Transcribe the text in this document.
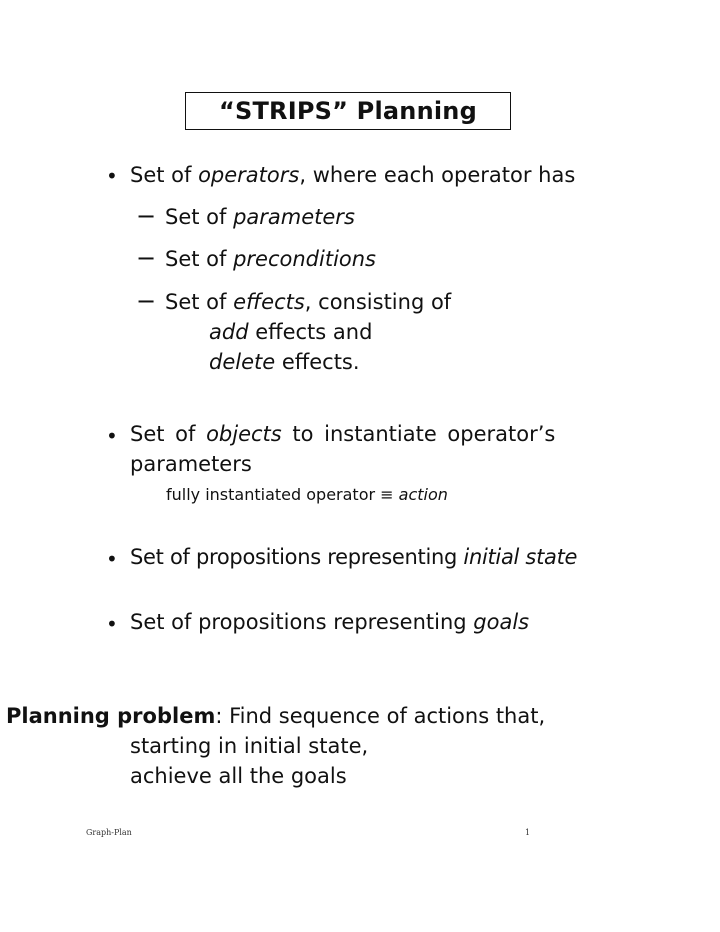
“STRIPS” Planning
• Set of operators, where each operator has
− Set of parameters
− Set of preconditions
− Set of effects, consisting of
add effects and
delete effects.
• Set of objects to instantiate operator’s
parameters
fully instantiated operator ≡ action
• Set of propositions representing initial state
• Set of propositions representing goals
Planning problem: Find sequence of actions that,
starting in initial state,
achieve all the goals
Graph-Plan	1
